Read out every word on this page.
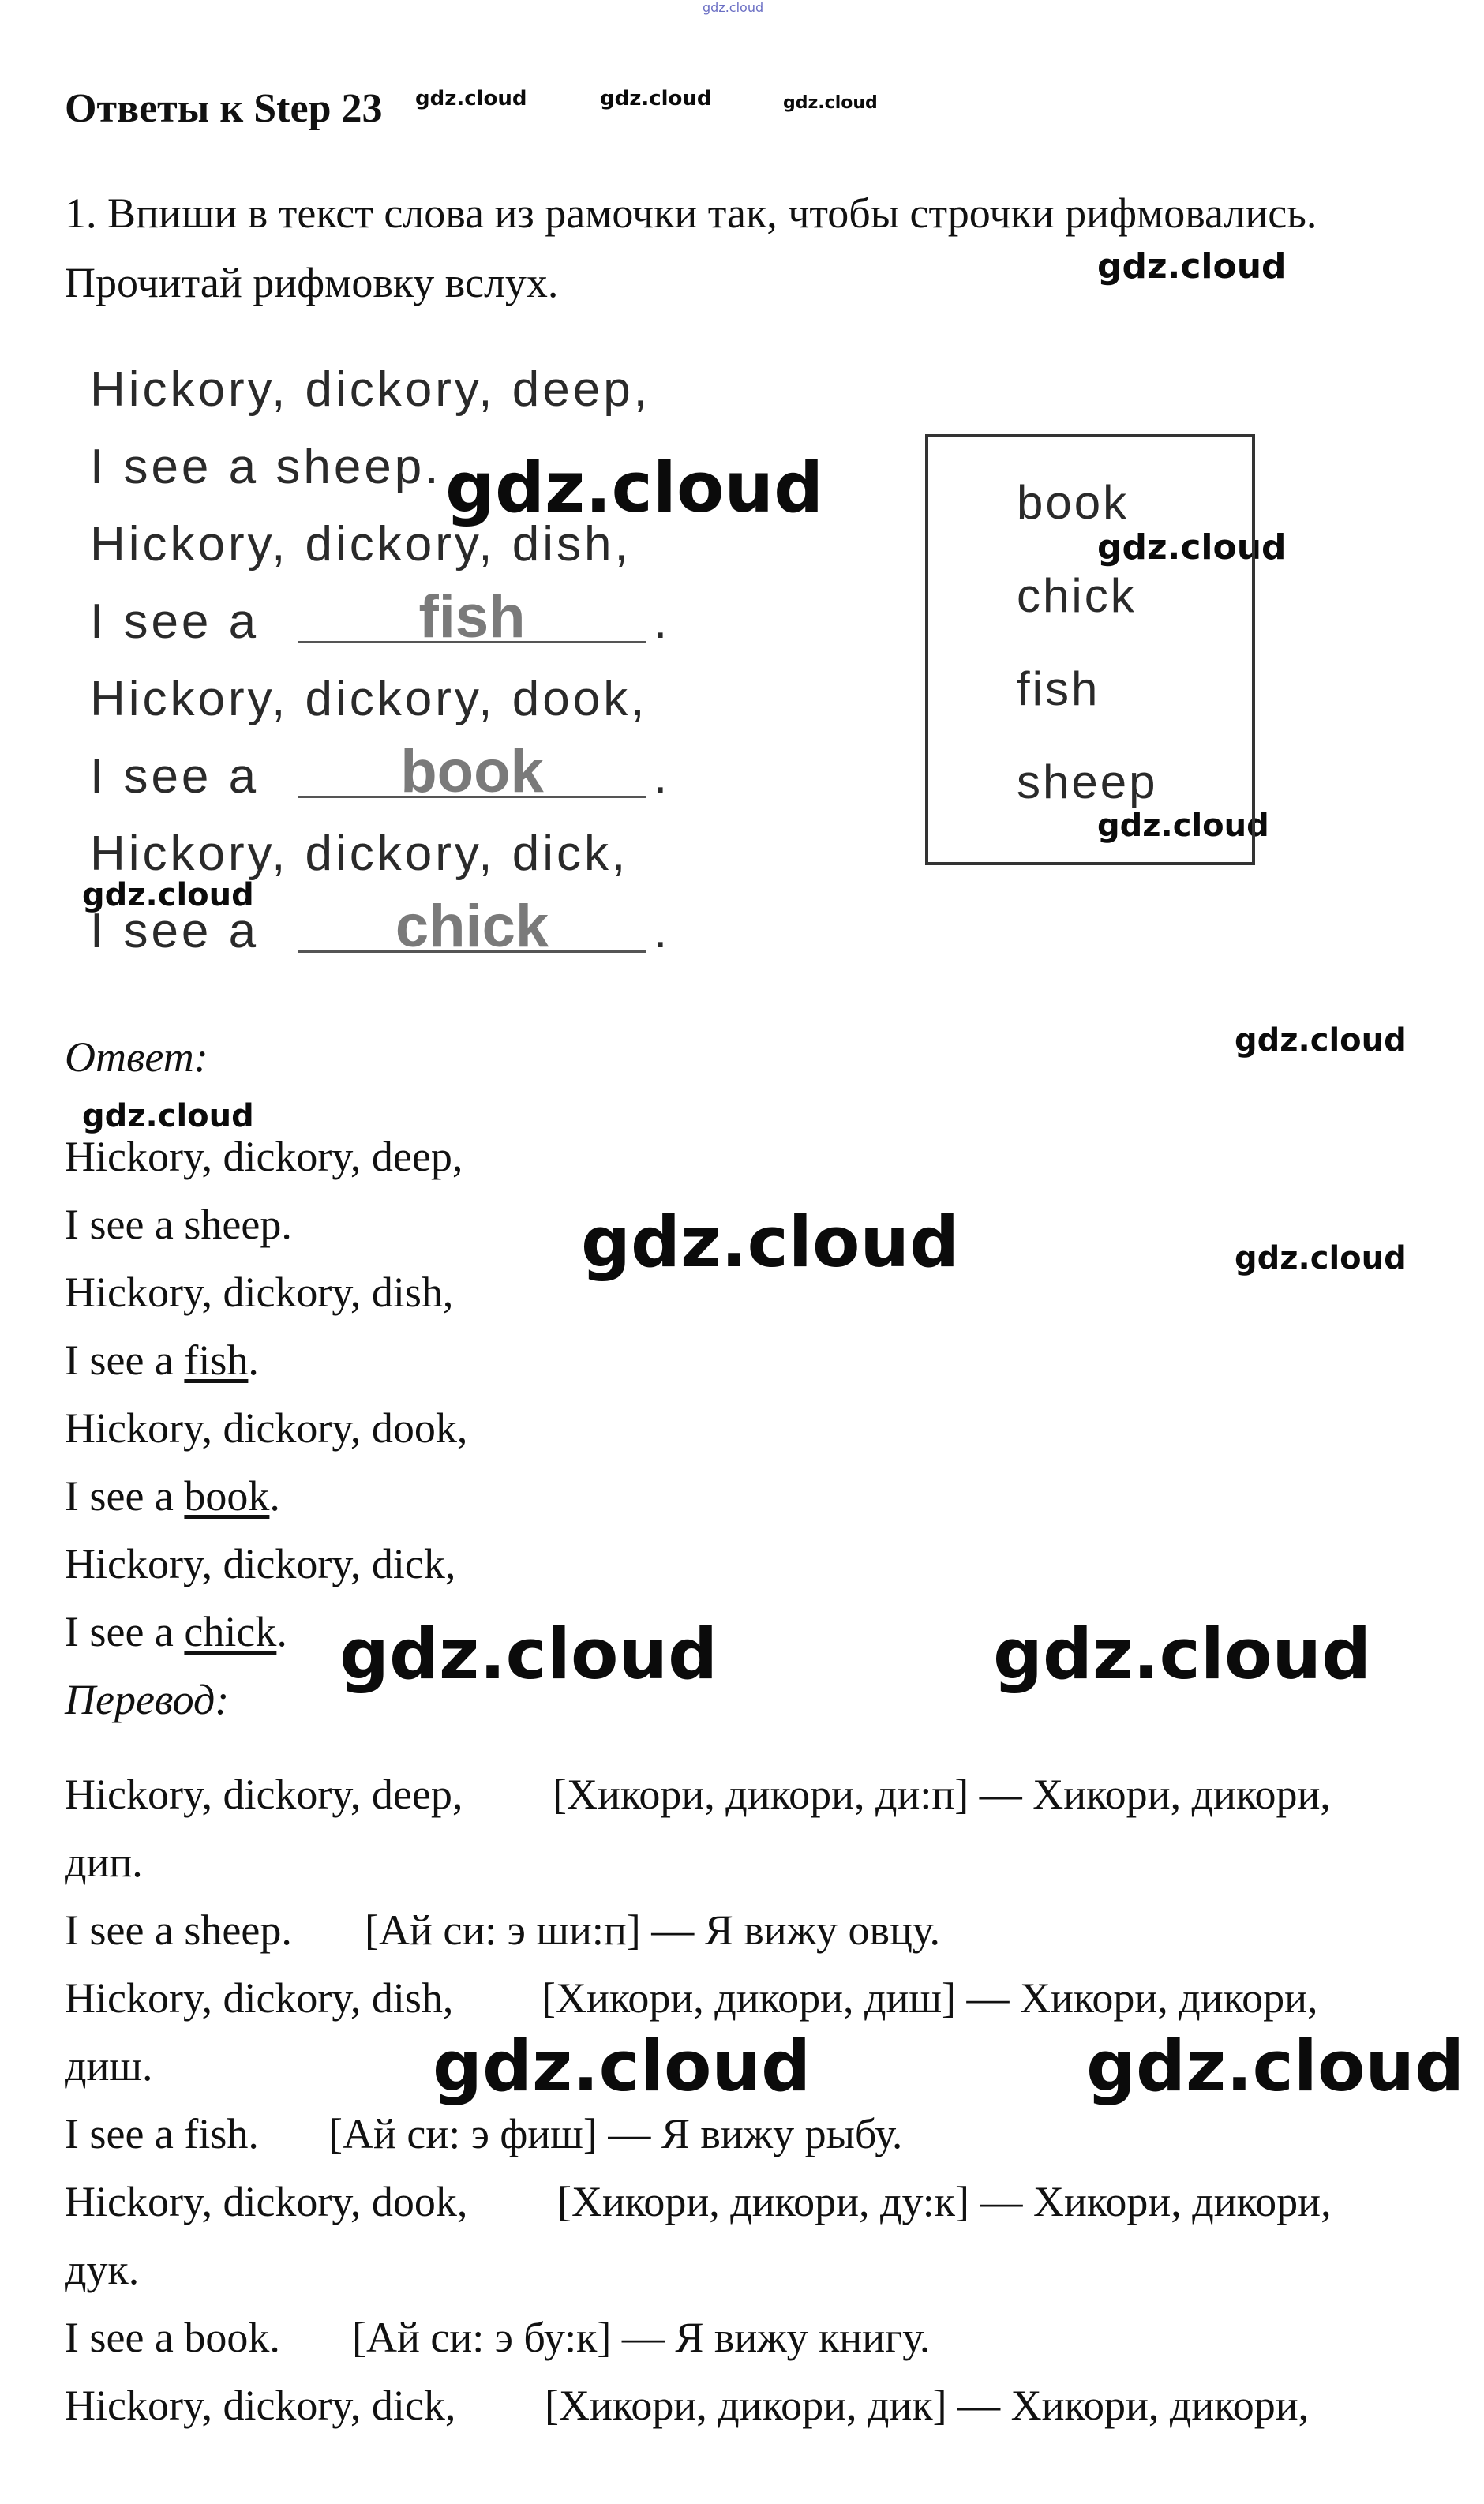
gdz.cloud
gdz.cloud	gdz.cloud	gdz.cloud
gdz.cloud
gdz.cloud
gdz.cloud
gdz.cloud
gdz.cloud
gdz.cloud
gdz.cloud
gdz.cloud	gdz.cloud
gdz.cloud	gdz.cloud
gdz.cloud	gdz.cloud
Ответы к Step 23
1. Впиши в текст слова из рамочки так, чтобы строчки рифмовались.
Прочитай рифмовку вслух.
Hickory, dickory, deep,
I see a sheep.
Hickory, dickory, dish,
I see a	fish	.
Hickory, dickory, dook,
I see a	book	.
Hickory, dickory, dick,
I see a	chick	.
book
chick
fish
sheep
Ответ:
Hickory, dickory, deep,
I see a sheep.
Hickory, dickory, dish,
I see a fish.
Hickory, dickory, dook,
I see a book.
Hickory, dickory, dick,
I see a chick.
Перевод:
Hickory, dickory, deep, [Хикори, дикори, ди:п] — Хикори, дикори,
дип.
I see a sheep. [Ай си: э ши:п] — Я вижу овцу.
Hickory, dickory, dish, [Хикори, дикори, диш] — Хикори, дикори,
диш.
I see a fish. [Ай си: э фиш] — Я вижу рыбу.
Hickory, dickory, dook, [Хикори, дикори, ду:к] — Хикори, дикори,
дук.
I see a book. [Ай си: э бу:к] — Я вижу книгу.
Hickory, dickory, dick, [Хикори, дикори, дик] — Хикори, дикори,
